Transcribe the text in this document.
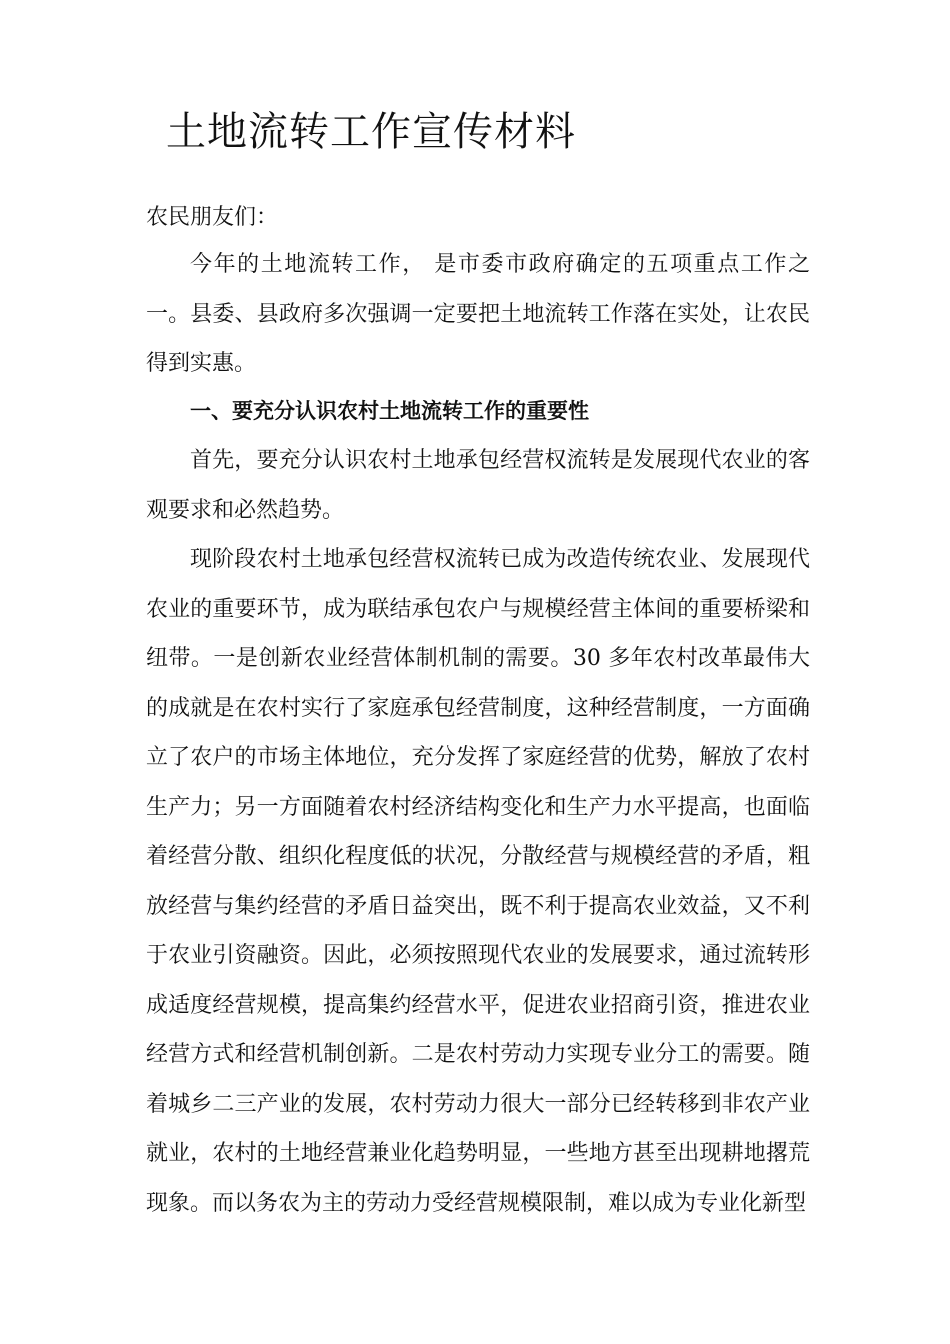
土地流转工作宣传材料

农民朋友们：

今年的土地流转工作， 是市委市政府确定的五项重点工作之一。县委、县政府多次强调一定要把土地流转工作落在实处，让农民得到实惠。

一、要充分认识农村土地流转工作的重要性

首先，要充分认识农村土地承包经营权流转是发展现代农业的客观要求和必然趋势。

现阶段农村土地承包经营权流转已成为改造传统农业、发展现代农业的重要环节，成为联结承包农户与规模经营主体间的重要桥梁和纽带。一是创新农业经营体制机制的需要。30 多年农村改革最伟大的成就是在农村实行了家庭承包经营制度，这种经营制度，一方面确立了农户的市场主体地位，充分发挥了家庭经营的优势，解放了农村生产力；另一方面随着农村经济结构变化和生产力水平提高，也面临着经营分散、组织化程度低的状况，分散经营与规模经营的矛盾，粗放经营与集约经营的矛盾日益突出，既不利于提高农业效益，又不利于农业引资融资。因此，必须按照现代农业的发展要求，通过流转形成适度经营规模，提高集约经营水平，促进农业招商引资，推进农业经营方式和经营机制创新。二是农村劳动力实现专业分工的需要。随着城乡二三产业的发展，农村劳动力很大一部分已经转移到非农产业就业，农村的土地经营兼业化趋势明显，一些地方甚至出现耕地撂荒现象。而以务农为主的劳动力受经营规模限制，难以成为专业化新型
